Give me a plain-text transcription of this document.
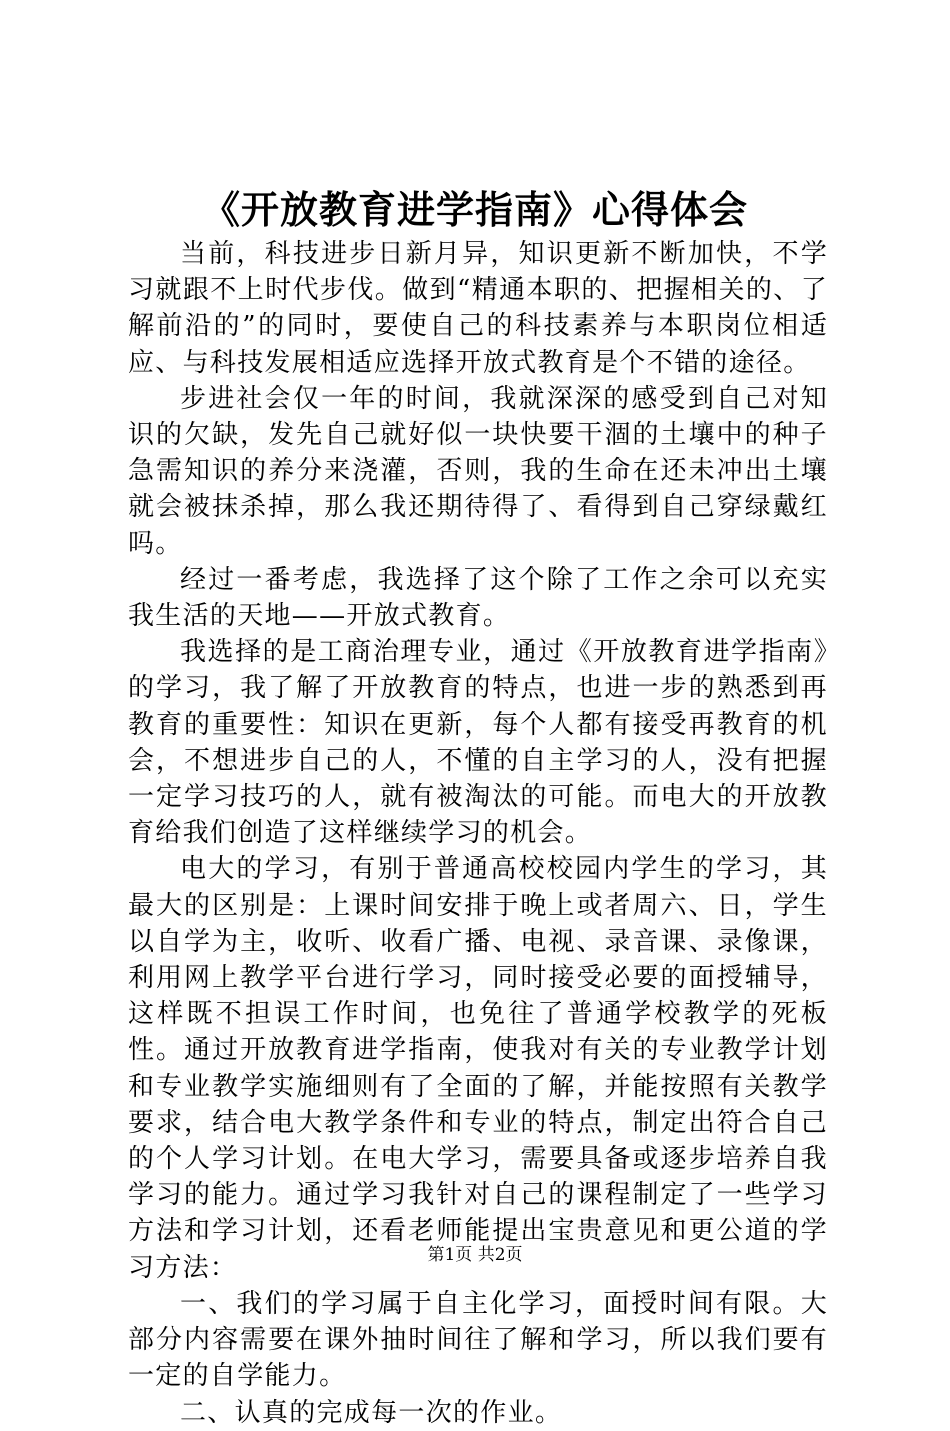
《开放教育进学指南》心得体会

当前，科技进步日新月异，知识更新不断加快，不学习就跟不上时代步伐。做到“精通本职的、把握相关的、了解前沿的”的同时，要使自己的科技素养与本职岗位相适应、与科技发展相适应选择开放式教育是个不错的途径。

步进社会仅一年的时间，我就深深的感受到自己对知识的欠缺，发先自己就好似一块快要干涸的土壤中的种子急需知识的养分来浇灌，否则，我的生命在还未冲出土壤就会被抹杀掉，那么我还期待得了、看得到自己穿绿戴红吗。

经过一番考虑，我选择了这个除了工作之余可以充实我生活的天地——开放式教育。

我选择的是工商治理专业，通过《开放教育进学指南》的学习，我了解了开放教育的特点，也进一步的熟悉到再教育的重要性：知识在更新，每个人都有接受再教育的机会，不想进步自己的人，不懂的自主学习的人，没有把握一定学习技巧的人，就有被淘汰的可能。而电大的开放教育给我们创造了这样继续学习的机会。

电大的学习，有别于普通高校校园内学生的学习，其最大的区别是：上课时间安排于晚上或者周六、日，学生以自学为主，收听、收看广播、电视、录音课、录像课，利用网上教学平台进行学习，同时接受必要的面授辅导，这样既不担误工作时间，也免往了普通学校教学的死板性。通过开放教育进学指南，使我对有关的专业教学计划和专业教学实施细则有了全面的了解，并能按照有关教学要求，结合电大教学条件和专业的特点，制定出符合自己的个人学习计划。在电大学习，需要具备或逐步培养自我学习的能力。通过学习我针对自己的课程制定了一些学习方法和学习计划，还看老师能提出宝贵意见和更公道的学习方法：

一、我们的学习属于自主化学习，面授时间有限。大部分内容需要在课外抽时间往了解和学习，所以我们要有一定的自学能力。

二、认真的完成每一次的作业。

第1页 共2页
